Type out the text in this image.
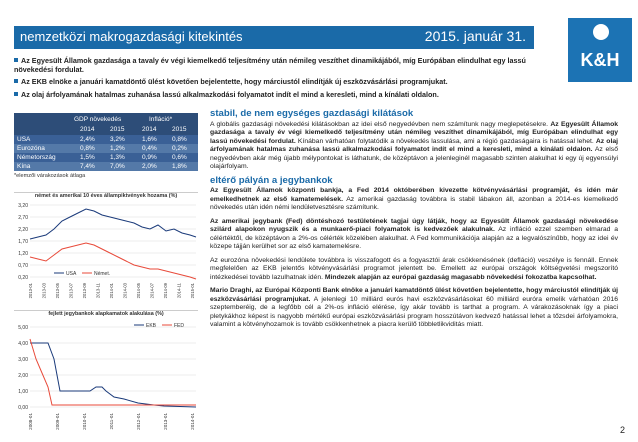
nemzetközi makrogazdasági kitekintés	2015. január 31.
K&H
Az Egyesült Államok gazdasága a tavaly év végi kiemelkedő teljesítmény után némileg veszíthet dinamikájából, míg Európában elindulhat egy lassú növekedési fordulat.
Az EKB elnöke a januári kamatdöntő ülést követően bejelentette, hogy márciustól elindítják új eszközvásárlási programjukat.
Az olaj árfolyamának hatalmas zuhanása lassú alkalmazkodási folyamatot indít el mind a keresleti, mind a kínálati oldalon.
GDP növekedés	Infláció*
2014 2015	2014 2015
USA	2,4% 3,2%	1,6% 0,8%
Eurozóna	0,8% 1,2%	0,4% 0,2%
Németország	1,5% 1,3%	0,9% 0,6%
Kína	7,4% 7,0%	2,0% 1,8%
*elemzői várakozások átlaga
német és amerikai 10 éves állampiktvények hozama (%)
3,20
2,70
2,20
1,70
1,20
0,70
0,20
USA	Német.
2013-01 2013-03 2013-05 2013-07 2013-09 2013-11 2014-01 2014-03 2014-05 2014-07 2014-09 2014-11 2015-01
fejlett jegybankok alapkamatok alakulása (%)
5,00
4,00
3,00
2,00
1,00
0,00
EKB	FED
2008-01	2009-01	2010-01	2011-01	2012-01	2013-01	2014-01
stabil, de nem egységes gazdasági kilátások

A globális gazdasági növekedési kilátásokban az idei első negyedévben nem számítunk nagy meglepetésekre. Az Egyesült Államok gazdasága a tavaly év végi kiemelkedő teljesítmény után némileg veszíthet dinamikájából, míg Európában elindulhat egy lassú növekedési fordulat. Kínában várhatóan folytatódik a növekedés lassulása, ami a régió gazdaságaira is hatással lehet. Az olaj árfolyamának hatalmas zuhanása lassú alkalmazkodási folyamatot indít el mind a keresleti, mind a kínálati oldalon. Az első negyedévben akár még újabb mélypontokat is láthatunk, de középtávon a jelenleginél magasabb szinten alakulhat ki egy új egyensúlyi olajárfolyam.

eltérő pályán a jegybankok

Az Egyesült Államok központi bankja, a Fed 2014 októberében kivezette kötvényvásárlási programját, és idén már emelkedhetnek az első kamatemelések. Az amerikai gazdaság továbbra is stabil lábakon áll, azonban a 2014-es kiemelkedő növekedés után idén némi lendületvesztésre számítunk.

Az amerikai jegybank (Fed) döntéshozó testületének tagjai úgy látják, hogy az Egyesült Államok gazdasági növekedése szilárd alapokon nyugszik és a munkaerő-piaci folyamatok is kedvezőek alakulnak. Az infláció ezzel szemben elmarad a célértéktől, de középtávon a 2%-os célérték közelében alakulhat. A Fed kommunikációja alapján az a legvalószínűbb, hogy az idei év közepe tájján kerülhet sor az első kamatemelésre.

Az eurozóna növekedési lendülete továbbra is visszafogott és a fogyasztói árak csökkenésének (defláció) veszélye is fennáll. Ennek megfelelően az EKB jelentős kötvényvásárlási programot jelentett be. Emellett az európai országok költségvetési megszorító intézkedései tovább lazulhatnak idén. Mindezek alapján az európai gazdaság magasabb növekedési fokozatba kapcsolhat.

Mario Draghi, az Európai Központi Bank elnöke a januári kamatdöntő ülést követően bejelentette, hogy márciustól elindítják új eszközvásárlási programjukat. A jelenlegi 10 milliárd eurós havi eszközvásárlásokat 60 milliárd euróra emelik várhatóan 2016 szeptemberéig, de a legfőbb cél a 2%-os infláció elérése, így akár tovább is tarthat a program. A várakozásoknak így a piaci pletykákhoz képest is nagyobb mértékű európai eszközvásárlási program hosszútávon kedvező hatással lehet a tőzsdei árfolyamokra, valamint a kötvényhozamok is tovább csökkenhetnek a piacra kerülő többletlikviditás miatt.

2
